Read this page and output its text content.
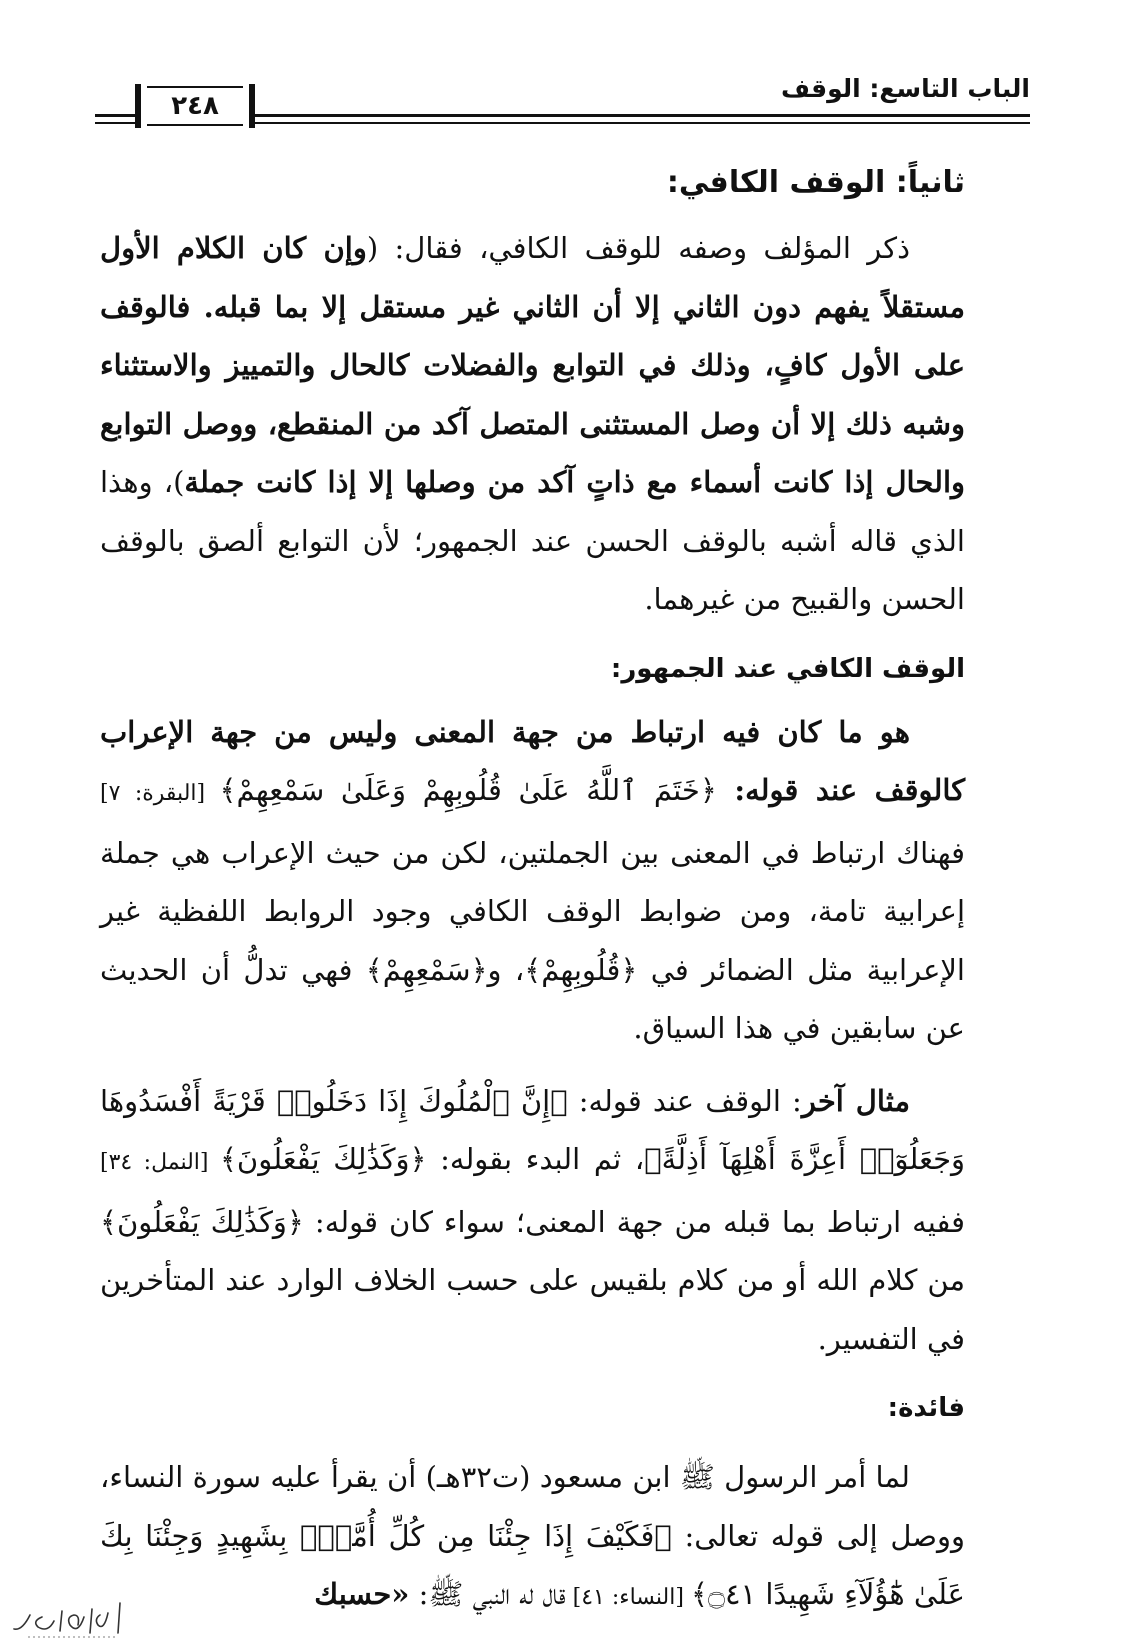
الباب التاسع: الوقف
٢٤٨
ثانياً: الوقف الكافي:

ذكر المؤلف وصفه للوقف الكافي، فقال: (وإن كان الكلام الأول مستقلاً يفهم دون الثاني إلا أن الثاني غير مستقل إلا بما قبله. فالوقف على الأول كافٍ، وذلك في التوابع والفضلات كالحال والتمييز والاستثناء وشبه ذلك إلا أن وصل المستثنى المتصل آكد من المنقطع، ووصل التوابع والحال إذا كانت أسماء مع ذاتٍ آكد من وصلها إلا إذا كانت جملة)، وهذا الذي قاله أشبه بالوقف الحسن عند الجمهور؛ لأن التوابع ألصق بالوقف الحسن والقبيح من غيرهما.

الوقف الكافي عند الجمهور:

هو ما كان فيه ارتباط من جهة المعنى وليس من جهة الإعراب كالوقف عند قوله: ﴿خَتَمَ ٱللَّهُ عَلَىٰ قُلُوبِهِمْ وَعَلَىٰ سَمْعِهِمْ﴾ [البقرة: ٧] فهناك ارتباط في المعنى بين الجملتين، لكن من حيث الإعراب هي جملة إعرابية تامة، ومن ضوابط الوقف الكافي وجود الروابط اللفظية غير الإعرابية مثل الضمائر في ﴿قُلُوبِهِمْ﴾، و﴿سَمْعِهِمْ﴾ فهي تدلُّ أن الحديث عن سابقين في هذا السياق.

مثال آخر: الوقف عند قوله: ﴿إِنَّ ٱلْمُلُوكَ إِذَا دَخَلُوا۟ قَرْيَةً أَفْسَدُوهَا وَجَعَلُوٓا۟ أَعِزَّةَ أَهْلِهَآ أَذِلَّةً﴾، ثم البدء بقوله: ﴿وَكَذَٰلِكَ يَفْعَلُونَ﴾ [النمل: ٣٤] ففيه ارتباط بما قبله من جهة المعنى؛ سواء كان قوله: ﴿وَكَذَٰلِكَ يَفْعَلُونَ﴾ من كلام الله أو من كلام بلقيس على حسب الخلاف الوارد عند المتأخرين في التفسير.

فائدة:

لما أمر الرسول ﷺ ابن مسعود (ت٣٢هـ) أن يقرأ عليه سورة النساء، ووصل إلى قوله تعالى: ﴿فَكَيْفَ إِذَا جِئْنَا مِن كُلِّ أُمَّةٍۭ بِشَهِيدٍ وَجِئْنَا بِكَ عَلَىٰ هَٰٓؤُلَآءِ شَهِيدًا ۝٤١﴾ [النساء: ٤١] قال له النبي ﷺ: «حسبك
